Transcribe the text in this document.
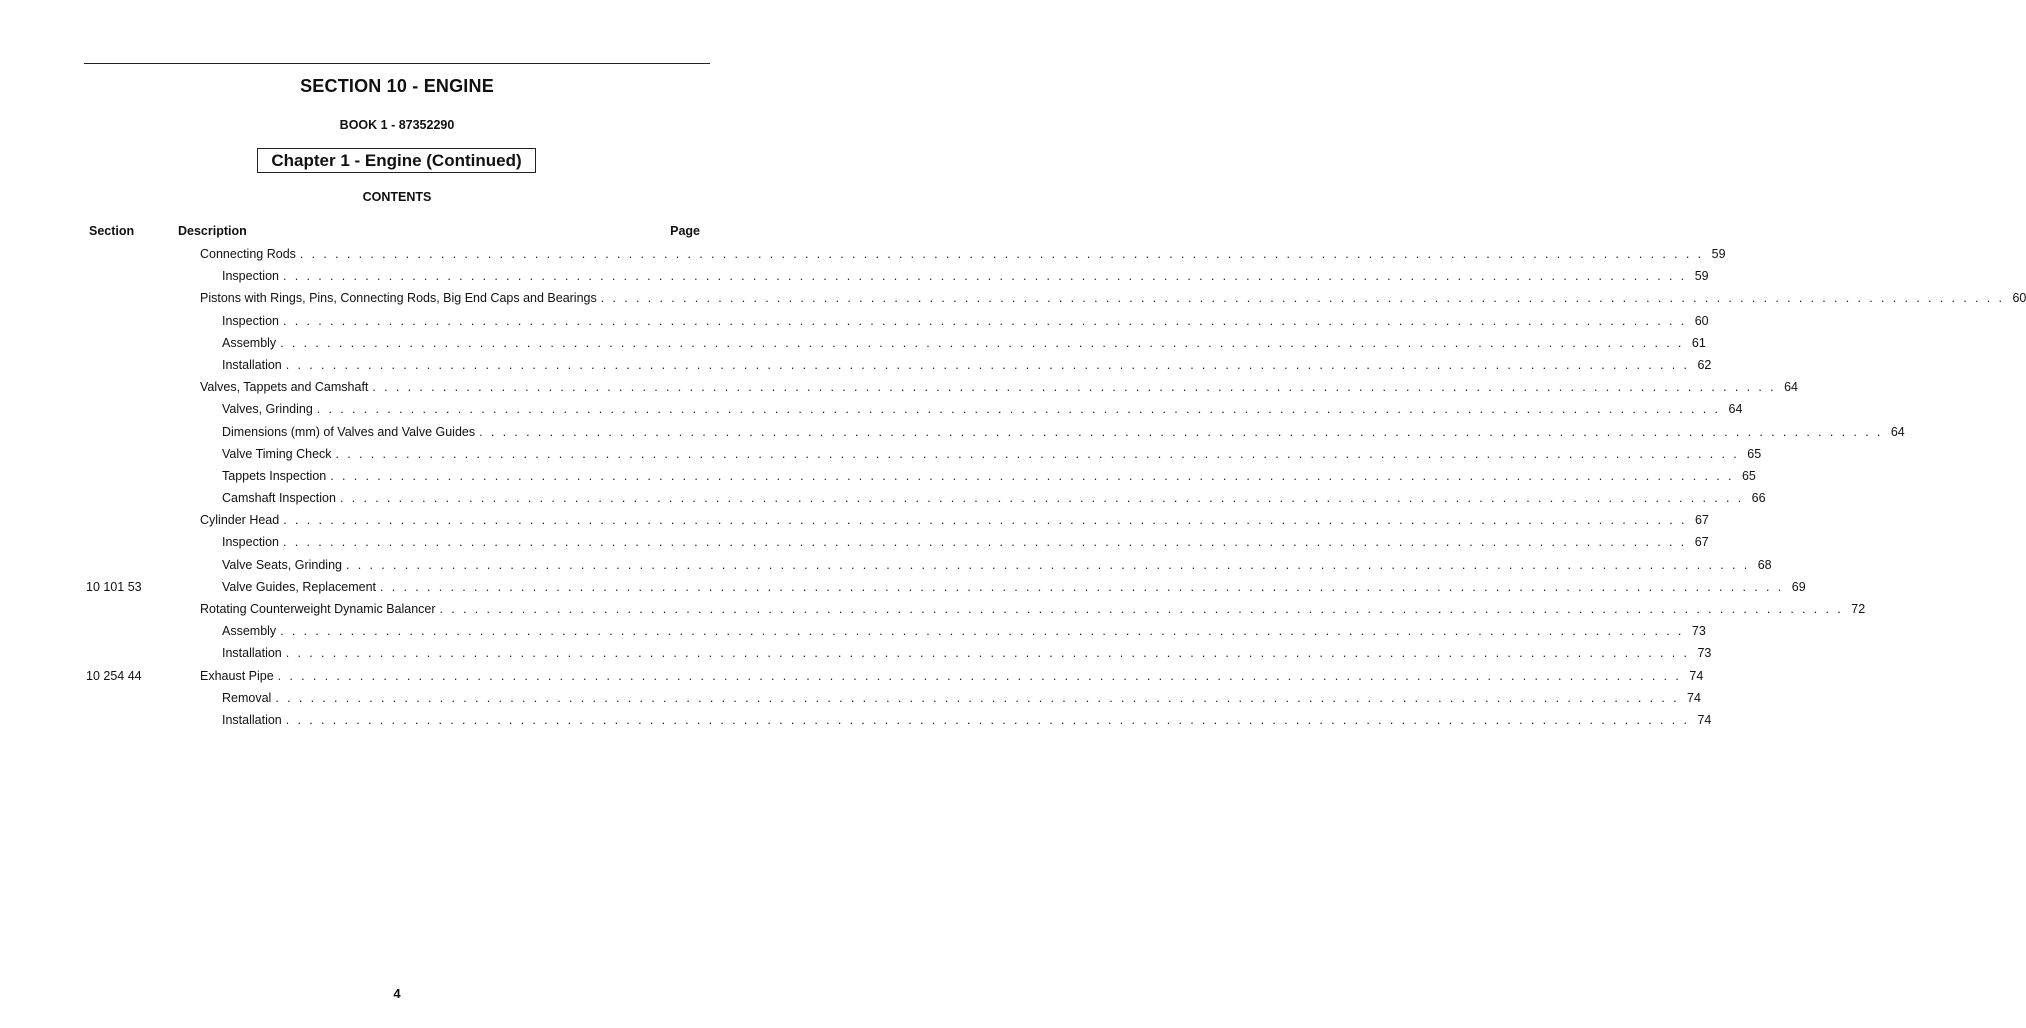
SECTION 10 - ENGINE
BOOK 1 - 87352290
Chapter 1 - Engine (Continued)
CONTENTS
Section	Description	Page
Connecting Rods . . . . . . . . . . . . . . . . . . . . . . . . . . . . . . . . . . . . . . . . . . . . . . . . . . . . . . . . . . . . . . . . . . . . . . . . . . . . . . . . . . . . . . . . . . . . . . . . . . . . . . . . . . . . . . . . . . . . . . . . 59
Inspection . . . . . . . . . . . . . . . . . . . . . . . . . . . . . . . . . . . . . . . . . . . . . . . . . . . . . . . . . . . . . . . . . . . . . . . . . . . . . . . . . . . . . . . . . . . . . . . . . . . . . . . . . . . . . . . . . . . . . . . . 59
Pistons with Rings, Pins, Connecting Rods, Big End Caps and Bearings . . . . . . . . . . . . . . . . . . . . . . . . . . . . . . . . . . . . . . . . . . . . . . . . . . . . . . . . . . . . . . . . . . . . . . . . . . . . . . . . . . . . . . . . . . . . . . . . . . . . . . . . . . . . . . . . . . . . . . . . 60
Inspection . . . . . . . . . . . . . . . . . . . . . . . . . . . . . . . . . . . . . . . . . . . . . . . . . . . . . . . . . . . . . . . . . . . . . . . . . . . . . . . . . . . . . . . . . . . . . . . . . . . . . . . . . . . . . . . . . . . . . . . . 60
Assembly . . . . . . . . . . . . . . . . . . . . . . . . . . . . . . . . . . . . . . . . . . . . . . . . . . . . . . . . . . . . . . . . . . . . . . . . . . . . . . . . . . . . . . . . . . . . . . . . . . . . . . . . . . . . . . . . . . . . . . . . 61
Installation . . . . . . . . . . . . . . . . . . . . . . . . . . . . . . . . . . . . . . . . . . . . . . . . . . . . . . . . . . . . . . . . . . . . . . . . . . . . . . . . . . . . . . . . . . . . . . . . . . . . . . . . . . . . . . . . . . . . . . . . 62
Valves, Tappets and Camshaft . . . . . . . . . . . . . . . . . . . . . . . . . . . . . . . . . . . . . . . . . . . . . . . . . . . . . . . . . . . . . . . . . . . . . . . . . . . . . . . . . . . . . . . . . . . . . . . . . . . . . . . . . . . . . . . . . . . . . . . . 64
Valves, Grinding . . . . . . . . . . . . . . . . . . . . . . . . . . . . . . . . . . . . . . . . . . . . . . . . . . . . . . . . . . . . . . . . . . . . . . . . . . . . . . . . . . . . . . . . . . . . . . . . . . . . . . . . . . . . . . . . . . . . . . . . 64
Dimensions (mm) of Valves and Valve Guides . . . . . . . . . . . . . . . . . . . . . . . . . . . . . . . . . . . . . . . . . . . . . . . . . . . . . . . . . . . . . . . . . . . . . . . . . . . . . . . . . . . . . . . . . . . . . . . . . . . . . . . . . . . . . . . . . . . . . . . . 64
Valve Timing Check . . . . . . . . . . . . . . . . . . . . . . . . . . . . . . . . . . . . . . . . . . . . . . . . . . . . . . . . . . . . . . . . . . . . . . . . . . . . . . . . . . . . . . . . . . . . . . . . . . . . . . . . . . . . . . . . . . . . . . . . 65
Tappets Inspection . . . . . . . . . . . . . . . . . . . . . . . . . . . . . . . . . . . . . . . . . . . . . . . . . . . . . . . . . . . . . . . . . . . . . . . . . . . . . . . . . . . . . . . . . . . . . . . . . . . . . . . . . . . . . . . . . . . . . . . . 65
Camshaft Inspection . . . . . . . . . . . . . . . . . . . . . . . . . . . . . . . . . . . . . . . . . . . . . . . . . . . . . . . . . . . . . . . . . . . . . . . . . . . . . . . . . . . . . . . . . . . . . . . . . . . . . . . . . . . . . . . . . . . . . . . . 66
Cylinder Head . . . . . . . . . . . . . . . . . . . . . . . . . . . . . . . . . . . . . . . . . . . . . . . . . . . . . . . . . . . . . . . . . . . . . . . . . . . . . . . . . . . . . . . . . . . . . . . . . . . . . . . . . . . . . . . . . . . . . . . . 67
Inspection . . . . . . . . . . . . . . . . . . . . . . . . . . . . . . . . . . . . . . . . . . . . . . . . . . . . . . . . . . . . . . . . . . . . . . . . . . . . . . . . . . . . . . . . . . . . . . . . . . . . . . . . . . . . . . . . . . . . . . . . 67
Valve Seats, Grinding . . . . . . . . . . . . . . . . . . . . . . . . . . . . . . . . . . . . . . . . . . . . . . . . . . . . . . . . . . . . . . . . . . . . . . . . . . . . . . . . . . . . . . . . . . . . . . . . . . . . . . . . . . . . . . . . . . . . . . . . 68
10 101 53	Valve Guides, Replacement . . . . . . . . . . . . . . . . . . . . . . . . . . . . . . . . . . . . . . . . . . . . . . . . . . . . . . . . . . . . . . . . . . . . . . . . . . . . . . . . . . . . . . . . . . . . . . . . . . . . . . . . . . . . . . . . . . . . . . . . 69
Rotating Counterweight Dynamic Balancer . . . . . . . . . . . . . . . . . . . . . . . . . . . . . . . . . . . . . . . . . . . . . . . . . . . . . . . . . . . . . . . . . . . . . . . . . . . . . . . . . . . . . . . . . . . . . . . . . . . . . . . . . . . . . . . . . . . . . . . . 72
Assembly . . . . . . . . . . . . . . . . . . . . . . . . . . . . . . . . . . . . . . . . . . . . . . . . . . . . . . . . . . . . . . . . . . . . . . . . . . . . . . . . . . . . . . . . . . . . . . . . . . . . . . . . . . . . . . . . . . . . . . . . 73
Installation . . . . . . . . . . . . . . . . . . . . . . . . . . . . . . . . . . . . . . . . . . . . . . . . . . . . . . . . . . . . . . . . . . . . . . . . . . . . . . . . . . . . . . . . . . . . . . . . . . . . . . . . . . . . . . . . . . . . . . . . 73
10 254 44	Exhaust Pipe . . . . . . . . . . . . . . . . . . . . . . . . . . . . . . . . . . . . . . . . . . . . . . . . . . . . . . . . . . . . . . . . . . . . . . . . . . . . . . . . . . . . . . . . . . . . . . . . . . . . . . . . . . . . . . . . . . . . . . . . 74
Removal . . . . . . . . . . . . . . . . . . . . . . . . . . . . . . . . . . . . . . . . . . . . . . . . . . . . . . . . . . . . . . . . . . . . . . . . . . . . . . . . . . . . . . . . . . . . . . . . . . . . . . . . . . . . . . . . . . . . . . . . 74
Installation . . . . . . . . . . . . . . . . . . . . . . . . . . . . . . . . . . . . . . . . . . . . . . . . . . . . . . . . . . . . . . . . . . . . . . . . . . . . . . . . . . . . . . . . . . . . . . . . . . . . . . . . . . . . . . . . . . . . . . . . 74
4
